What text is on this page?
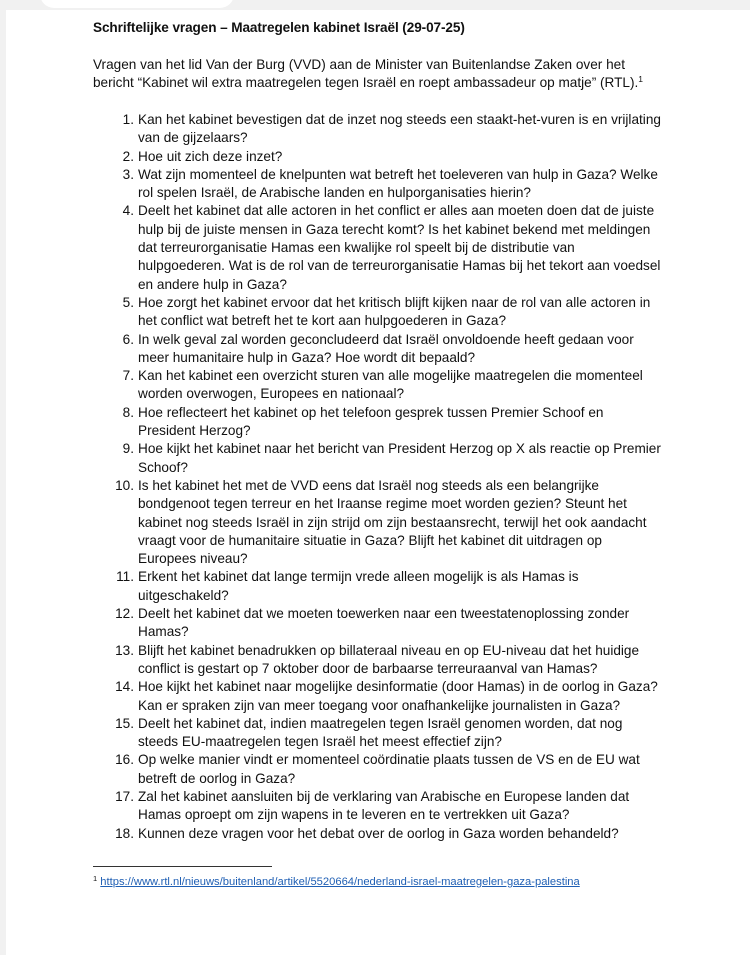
Schriftelijke vragen – Maatregelen kabinet Israël (29-07-25)

Vragen van het lid Van der Burg (VVD) aan de Minister van Buitenlandse Zaken over het bericht “Kabinet wil extra maatregelen tegen Israël en roept ambassadeur op matje” (RTL).$^1$

1. Kan het kabinet bevestigen dat de inzet nog steeds een staakt-het-vuren is en vrijlating van de gijzelaars?
2. Hoe uit zich deze inzet?
3. Wat zijn momenteel de knelpunten wat betreft het toeleveren van hulp in Gaza? Welke rol spelen Israël, de Arabische landen en hulporganisaties hierin?
4. Deelt het kabinet dat alle actoren in het conflict er alles aan moeten doen dat de juiste hulp bij de juiste mensen in Gaza terecht komt? Is het kabinet bekend met meldingen dat terreurorganisatie Hamas een kwalijke rol speelt bij de distributie van hulpgoederen. Wat is de rol van de terreurorganisatie Hamas bij het tekort aan voedsel en andere hulp in Gaza?
5. Hoe zorgt het kabinet ervoor dat het kritisch blijft kijken naar de rol van alle actoren in het conflict wat betreft het te kort aan hulpgoederen in Gaza?
6. In welk geval zal worden geconcludeerd dat Israël onvoldoende heeft gedaan voor meer humanitaire hulp in Gaza? Hoe wordt dit bepaald?
7. Kan het kabinet een overzicht sturen van alle mogelijke maatregelen die momenteel worden overwogen, Europees en nationaal?
8. Hoe reflecteert het kabinet op het telefoon gesprek tussen Premier Schoof en President Herzog?
9. Hoe kijkt het kabinet naar het bericht van President Herzog op X als reactie op Premier Schoof?
10. Is het kabinet het met de VVD eens dat Israël nog steeds als een belangrijke bondgenoot tegen terreur en het Iraanse regime moet worden gezien? Steunt het kabinet nog steeds Israël in zijn strijd om zijn bestaansrecht, terwijl het ook aandacht vraagt voor de humanitaire situatie in Gaza? Blijft het kabinet dit uitdragen op Europees niveau?
11. Erkent het kabinet dat lange termijn vrede alleen mogelijk is als Hamas is uitgeschakeld?
12. Deelt het kabinet dat we moeten toewerken naar een tweestatenoplossing zonder Hamas?
13. Blijft het kabinet benadrukken op billateraal niveau en op EU-niveau dat het huidige conflict is gestart op 7 oktober door de barbaarse terreuraanval van Hamas?
14. Hoe kijkt het kabinet naar mogelijke desinformatie (door Hamas) in de oorlog in Gaza? Kan er spraken zijn van meer toegang voor onafhankelijke journalisten in Gaza?
15. Deelt het kabinet dat, indien maatregelen tegen Israël genomen worden, dat nog steeds EU-maatregelen tegen Israël het meest effectief zijn?
16. Op welke manier vindt er momenteel coördinatie plaats tussen de VS en de EU wat betreft de oorlog in Gaza?
17. Zal het kabinet aansluiten bij de verklaring van Arabische en Europese landen dat Hamas oproept om zijn wapens in te leveren en te vertrekken uit Gaza?
18. Kunnen deze vragen voor het debat over de oorlog in Gaza worden behandeld?

$^1$ https://www.rtl.nl/nieuws/buitenland/artikel/5520664/nederland-israel-maatregelen-gaza-palestina
